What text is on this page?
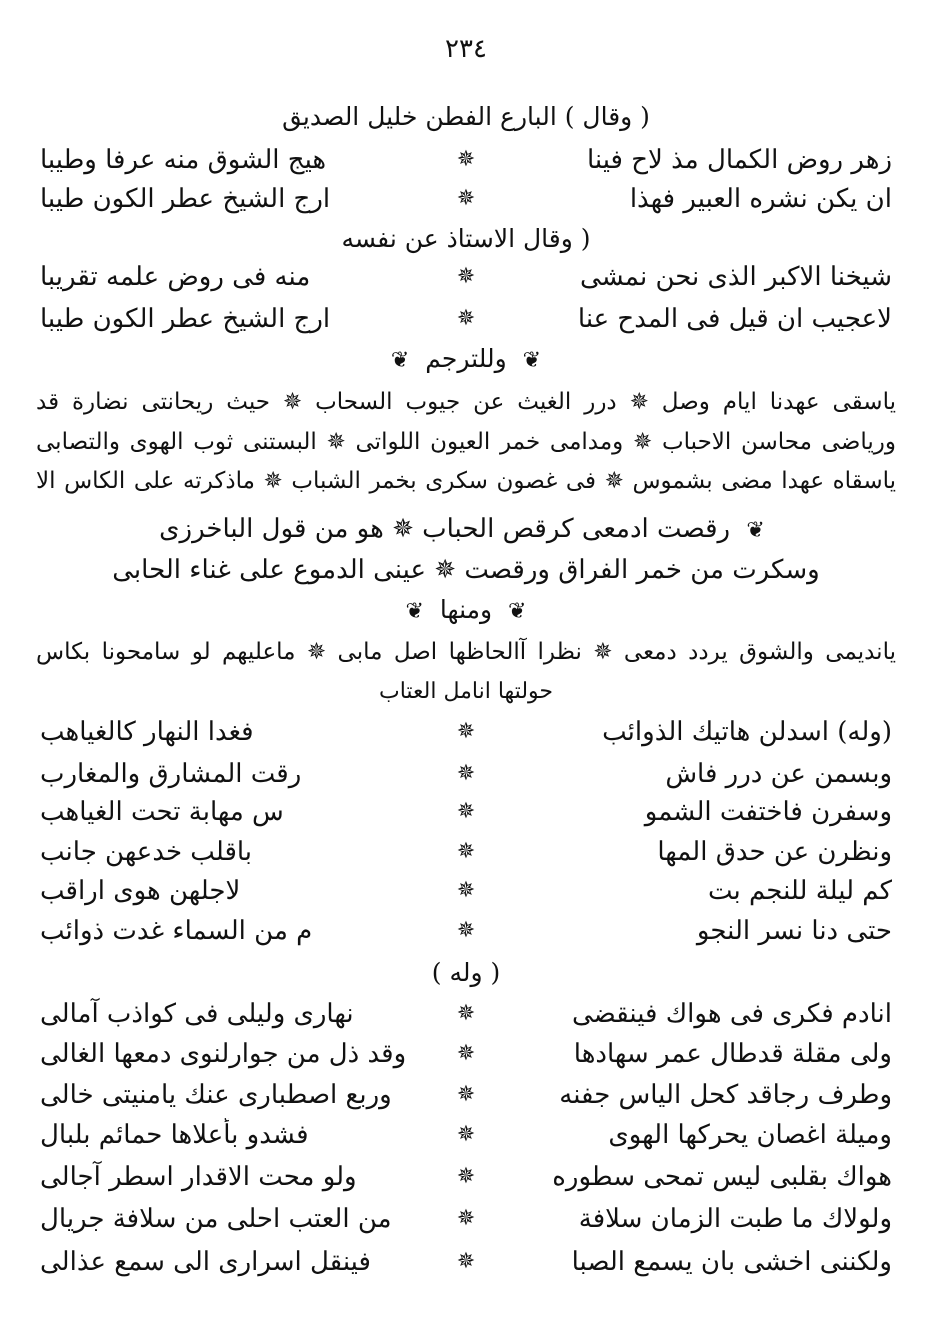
٢٣٤
( وقال ) البارع الفطن خليل الصديق
زهر روض الكمال مذ لاح فينا
✵
هيج الشوق منه عرفا وطيبا
ان يكن نشره العبير فهذا
✵
ارج الشيخ عطر الكون طيبا
( وقال الاستاذ عن نفسه
شيخنا الاكبر الذى نحن نمشى
✵
منه فى روض علمه تقريبا
لاعجيب ان قيل فى المدح عنا
✵
ارج الشيخ عطر الكون طيبا
❦ وللترجم ❦
ياسقى عهدنا ايام وصل ✵ درر الغيث عن جيوب السحاب ✵ حيث ريحانتى نضارة قد
ورياضى محاسن الاحباب ✵ ومدامى خمر العيون اللواتى ✵ البستنى ثوب الهوى والتصابى
ياسقاه عهدا مضى بشموس ✵ فى غصون سكرى بخمر الشباب ✵ ماذكرته على الكاس الا
❦ رقصت ادمعى كرقص الحباب ✵ هو من قول الباخرزى
وسكرت من خمر الفراق ورقصت ✵ عينى الدموع على غناء الحابى
❦ ومنها ❦
يانديمى والشوق يردد دمعى ✵ نظرا آالحاظها اصل مابى ✵ ماعليهم لو سامحونا بكاس
حولتها انامل العتاب
(وله) اسدلن هاتيك الذوائب
✵
فغدا النهار كالغياهب
وبسمن عن درر فاش
✵
رقت المشارق والمغارب
وسفرن فاختفت الشمو
✵
س مهابة تحت الغياهب
ونظرن عن حدق المها
✵
باقلب خدعهن جانب
كم ليلة للنجم بت
✵
لاجلهن هوى اراقب
حتى دنا نسر النجو
✵
م من السماء غدت ذوائب
( وله )
انادم فكرى فى هواك فينقضى
✵
نهارى وليلى فى كواذب آمالى
ولى مقلة قدطال عمر سهادها
✵
وقد ذل من جوارلنوى دمعها الغالى
وطرف رجاقد كحل الياس جفنه
✵
وربع اصطبارى عنك يامنيتى خالى
وميلة اغصان يحركها الهوى
✵
فشدو بأعلاها حمائم بلبال
هواك بقلبى ليس تمحى سطوره
✵
ولو محت الاقدار اسطر آجالى
ولولاك ما طبت الزمان سلافة
✵
من العتب احلى من سلافة جريال
ولكننى اخشى بان يسمع الصبا
✵
فينقل اسرارى الى سمع عذالى
